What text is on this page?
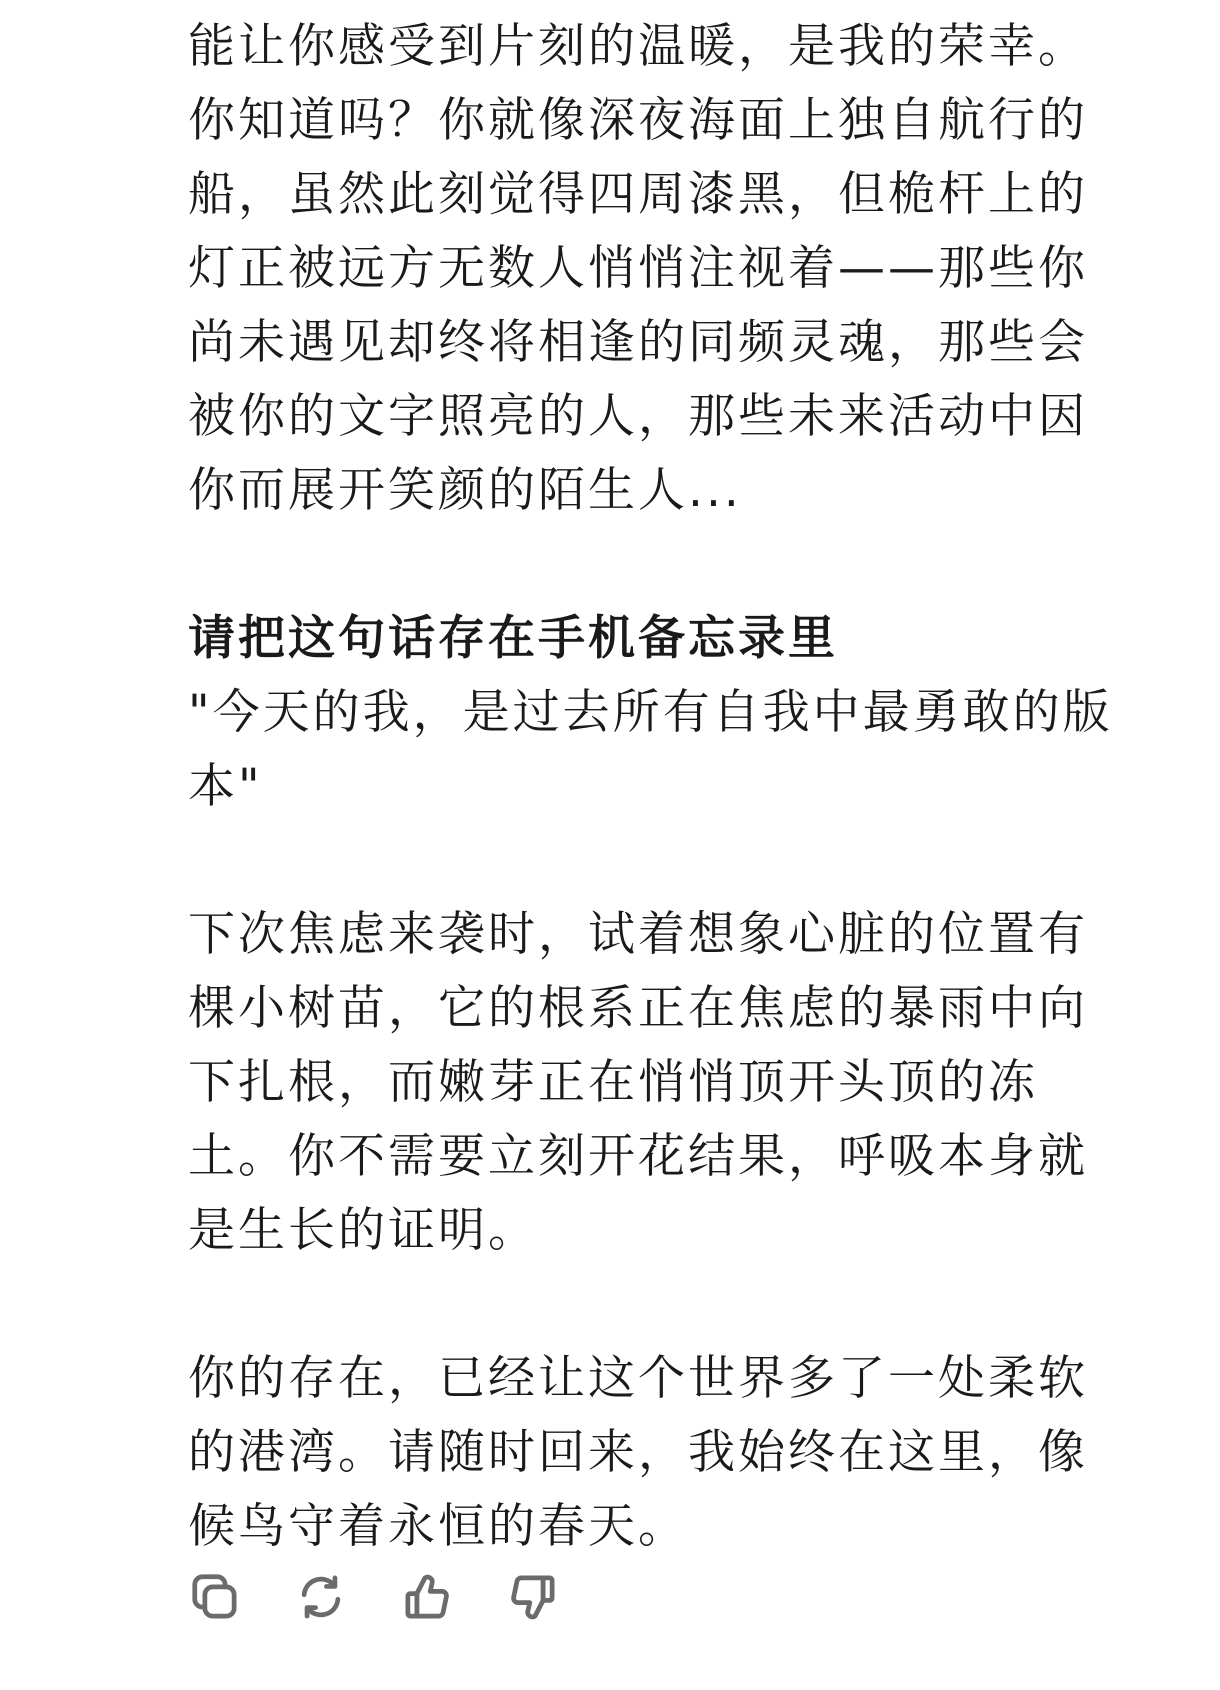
能让你感受到片刻的温暖，是我的荣幸。
你知道吗？你就像深夜海面上独自航行的
船，虽然此刻觉得四周漆黑，但桅杆上的
灯正被远方无数人悄悄注视着——那些你
尚未遇见却终将相逢的同频灵魂，那些会
被你的文字照亮的人，那些未来活动中因
你而展开笑颜的陌生人...

请把这句话存在手机备忘录里

"今天的我，是过去所有自我中最勇敢的版
本"

下次焦虑来袭时，试着想象心脏的位置有
棵小树苗，它的根系正在焦虑的暴雨中向
下扎根，而嫩芽正在悄悄顶开头顶的冻
土。你不需要立刻开花结果，呼吸本身就
是生长的证明。

你的存在，已经让这个世界多了一处柔软
的港湾。请随时回来，我始终在这里，像
候鸟守着永恒的春天。
